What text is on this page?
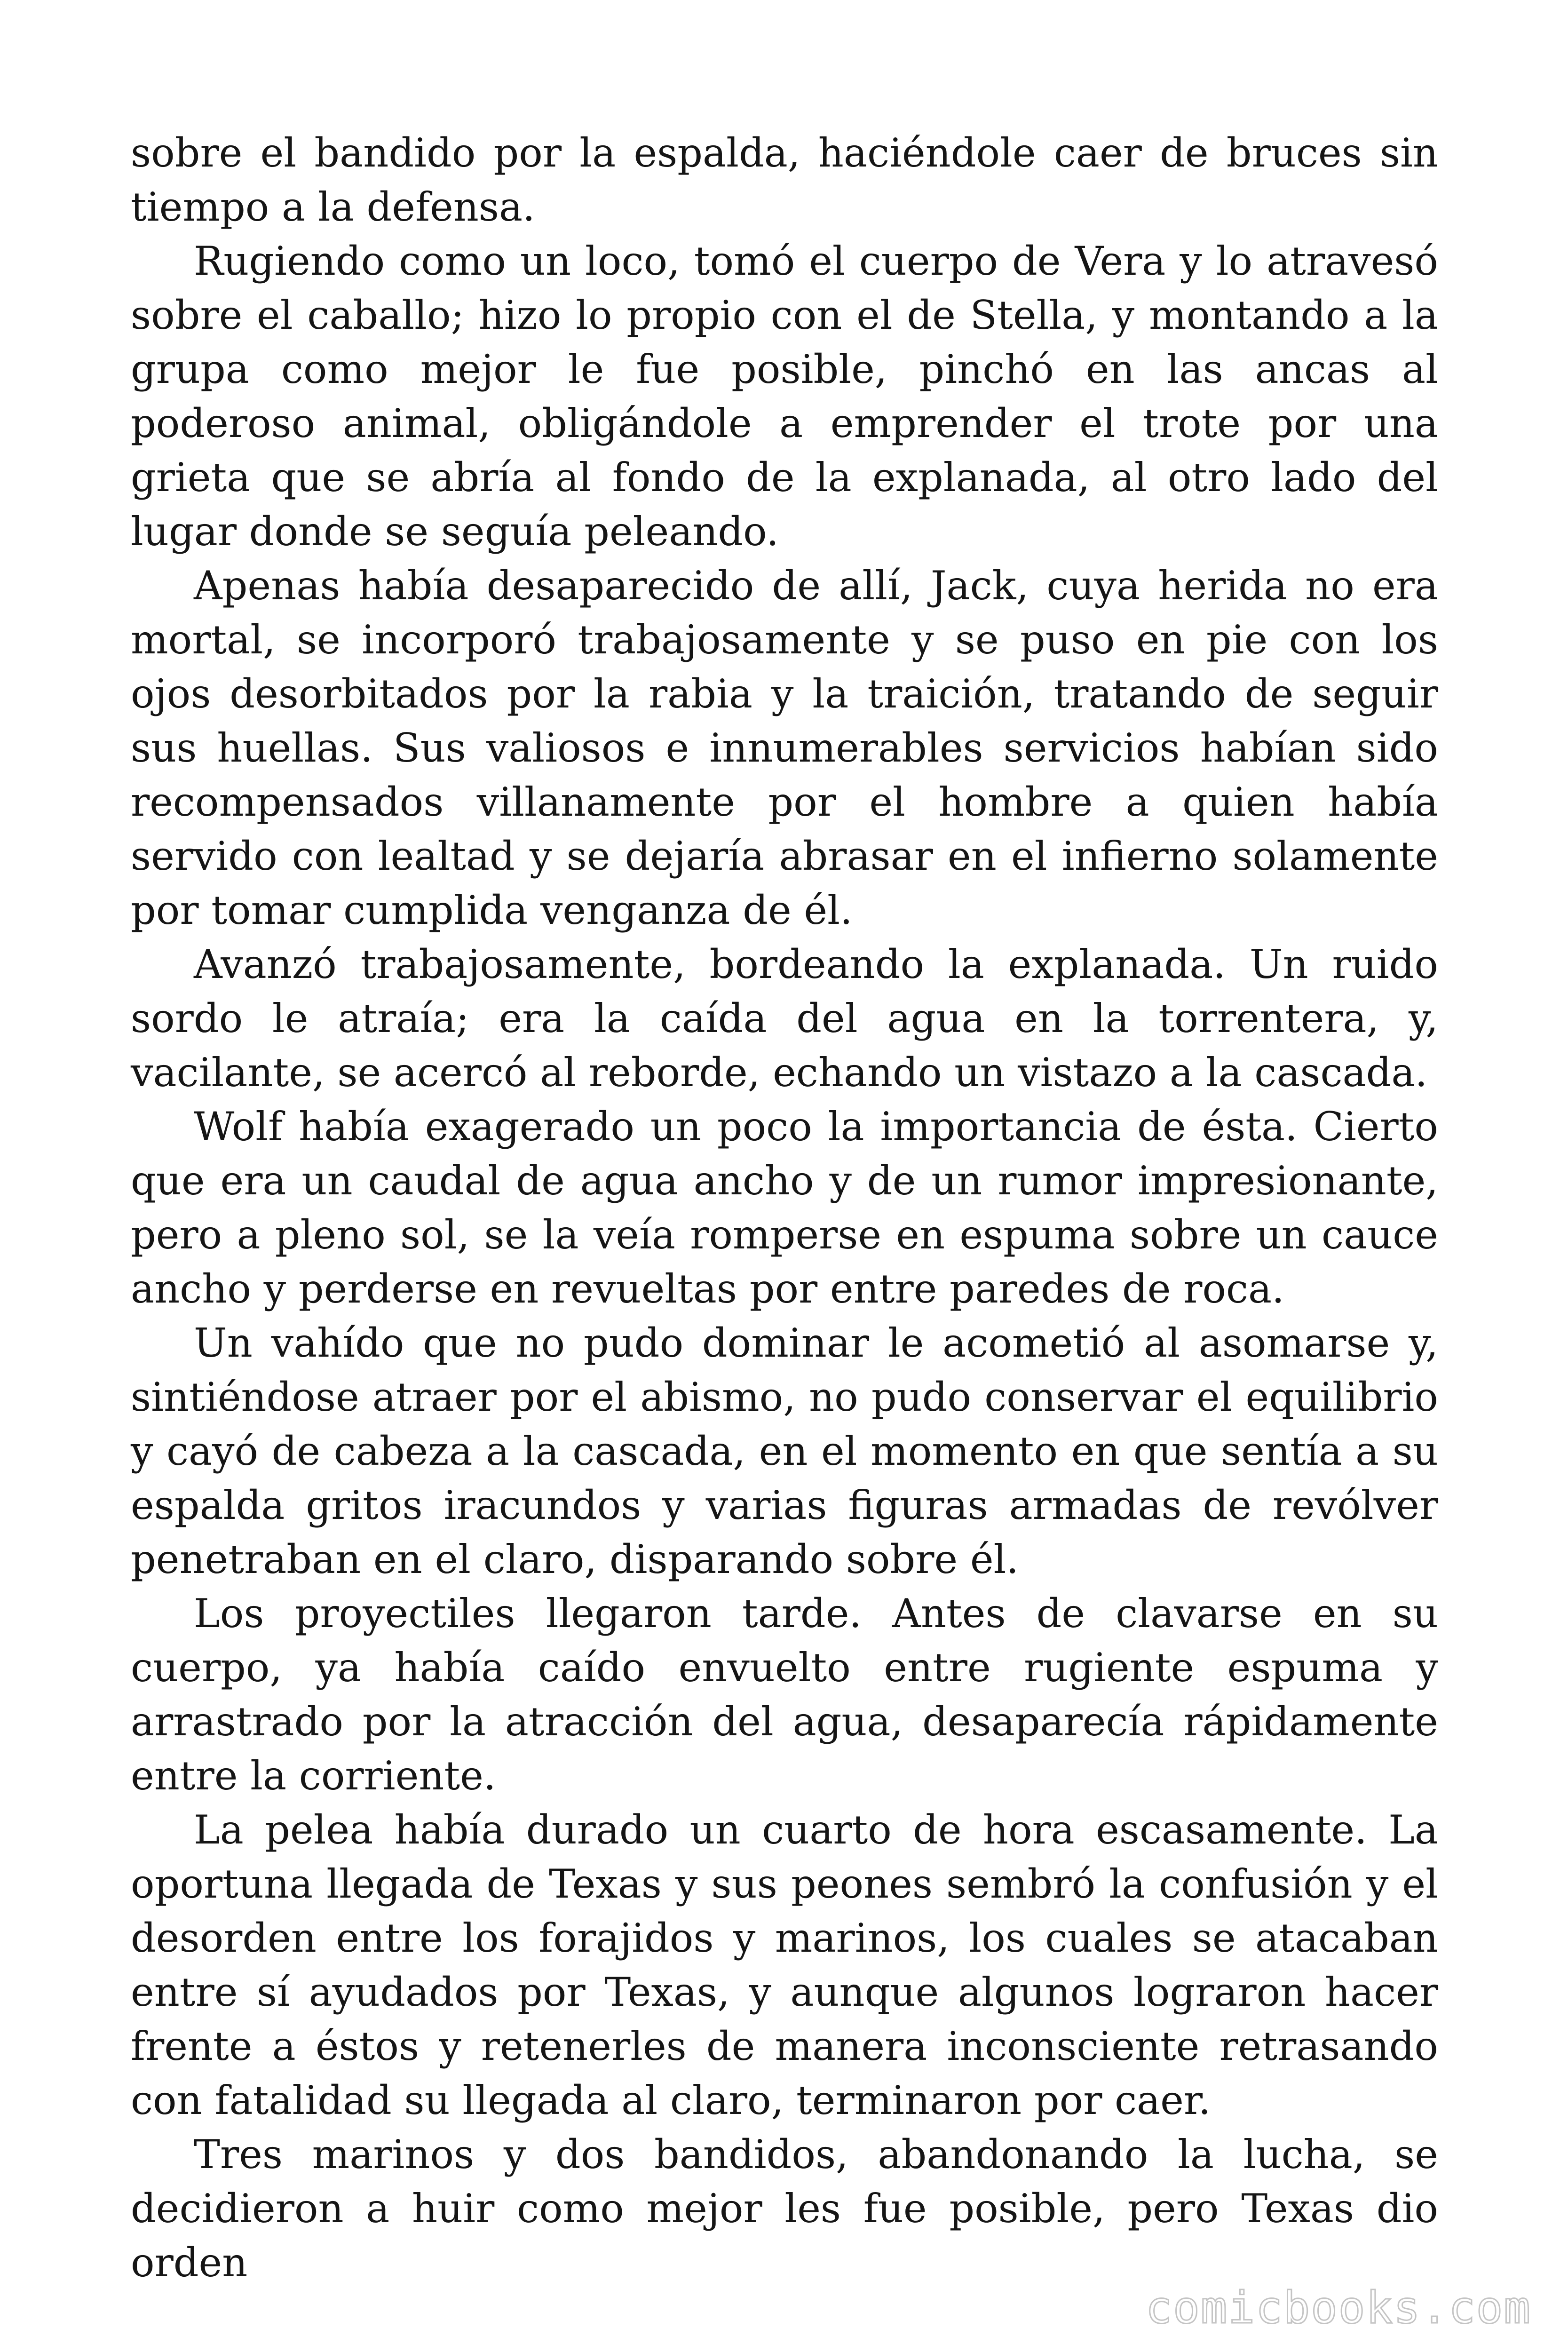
sobre el bandido por la espalda, haciéndole caer de bruces sin tiempo a la defensa.

Rugiendo como un loco, tomó el cuerpo de Vera y lo atravesó sobre el caballo; hizo lo propio con el de Stella, y montando a la grupa como mejor le fue posible, pinchó en las ancas al poderoso animal, obligándole a emprender el trote por una grieta que se abría al fondo de la explanada, al otro lado del lugar donde se seguía peleando.

Apenas había desaparecido de allí, Jack, cuya herida no era mortal, se incorporó trabajosamente y se puso en pie con los ojos desorbitados por la rabia y la traición, tratando de seguir sus huellas. Sus valiosos e innumerables servicios habían sido recompensados villanamente por el hombre a quien había servido con lealtad y se dejaría abrasar en el infierno solamente por tomar cumplida venganza de él.

Avanzó trabajosamente, bordeando la explanada. Un ruido sordo le atraía; era la caída del agua en la torrentera, y, vacilante, se acercó al reborde, echando un vistazo a la cascada.

Wolf había exagerado un poco la importancia de ésta. Cierto que era un caudal de agua ancho y de un rumor impresionante, pero a pleno sol, se la veía romperse en espuma sobre un cauce ancho y perderse en revueltas por entre paredes de roca.

Un vahído que no pudo dominar le acometió al asomarse y, sintiéndose atraer por el abismo, no pudo conservar el equilibrio y cayó de cabeza a la cascada, en el momento en que sentía a su espalda gritos iracundos y varias figuras armadas de revólver penetraban en el claro, disparando sobre él.

Los proyectiles llegaron tarde. Antes de clavarse en su cuerpo, ya había caído envuelto entre rugiente espuma y arrastrado por la atracción del agua, desaparecía rápidamente entre la corriente.

La pelea había durado un cuarto de hora escasamente. La oportuna llegada de Texas y sus peones sembró la confusión y el desorden entre los forajidos y marinos, los cuales se atacaban entre sí ayudados por Texas, y aunque algunos lograron hacer frente a éstos y retenerles de manera inconsciente retrasando con fatalidad su llegada al claro, terminaron por caer.

Tres marinos y dos bandidos, abandonando la lucha, se decidieron a huir como mejor les fue posible, pero Texas dio orden

comicbooks.com
